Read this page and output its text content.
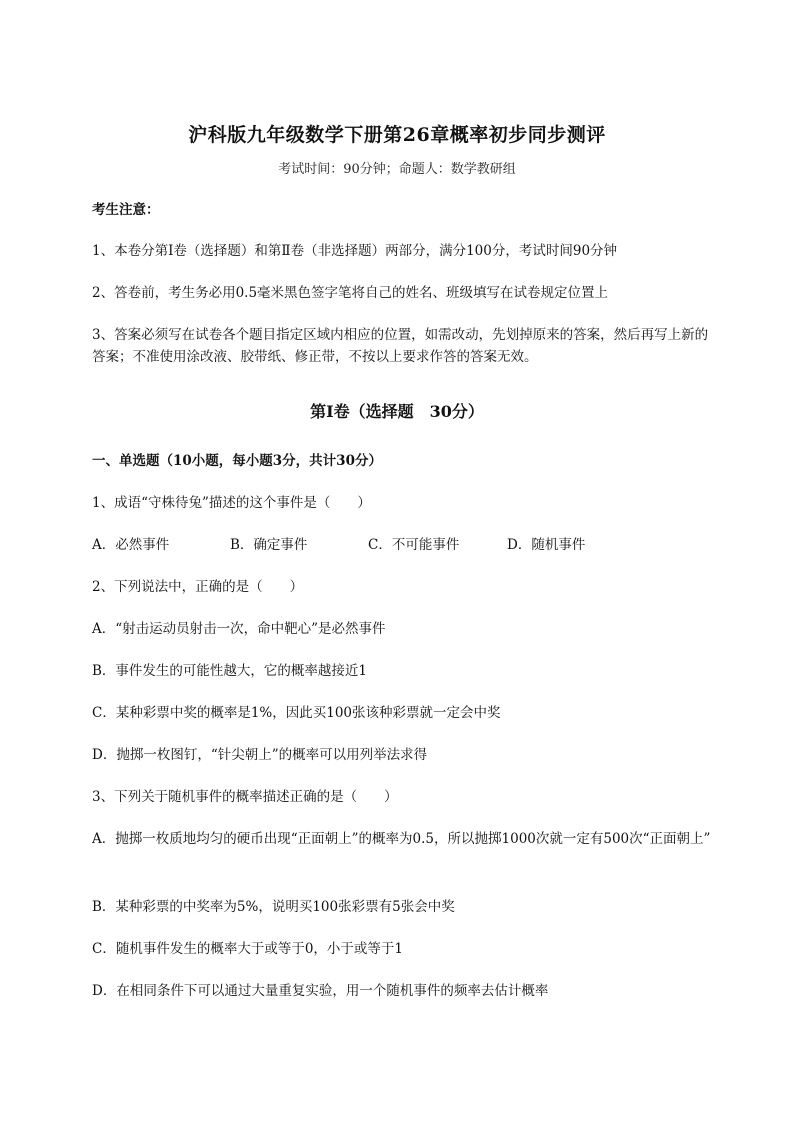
沪科版九年级数学下册第26章概率初步同步测评
考试时间：90分钟；命题人：数学教研组
考生注意：
1、本卷分第I卷（选择题）和第Ⅱ卷（非选择题）两部分，满分100分，考试时间90分钟
2、答卷前，考生务必用0.5毫米黑色签字笔将自己的姓名、班级填写在试卷规定位置上
3、答案必须写在试卷各个题目指定区域内相应的位置，如需改动，先划掉原来的答案，然后再写上新的答案；不准使用涂改液、胶带纸、修正带，不按以上要求作答的答案无效。
第I卷（选择题　30分）
一、单选题（10小题，每小题3分，共计30分）
1、成语“守株待兔”描述的这个事件是（　　）
A．必然事件	B．确定事件	C．不可能事件	D．随机事件
2、下列说法中，正确的是（　　）
A．“射击运动员射击一次，命中靶心”是必然事件
B．事件发生的可能性越大，它的概率越接近1
C．某种彩票中奖的概率是1%，因此买100张该种彩票就一定会中奖
D．抛掷一枚图钉，“针尖朝上”的概率可以用列举法求得
3、下列关于随机事件的概率描述正确的是（　　）
A．抛掷一枚质地均匀的硬币出现“正面朝上”的概率为0.5，所以抛掷1000次就一定有500次“正面朝上”
B．某种彩票的中奖率为5%，说明买100张彩票有5张会中奖
C．随机事件发生的概率大于或等于0，小于或等于1
D．在相同条件下可以通过大量重复实验，用一个随机事件的频率去估计概率
